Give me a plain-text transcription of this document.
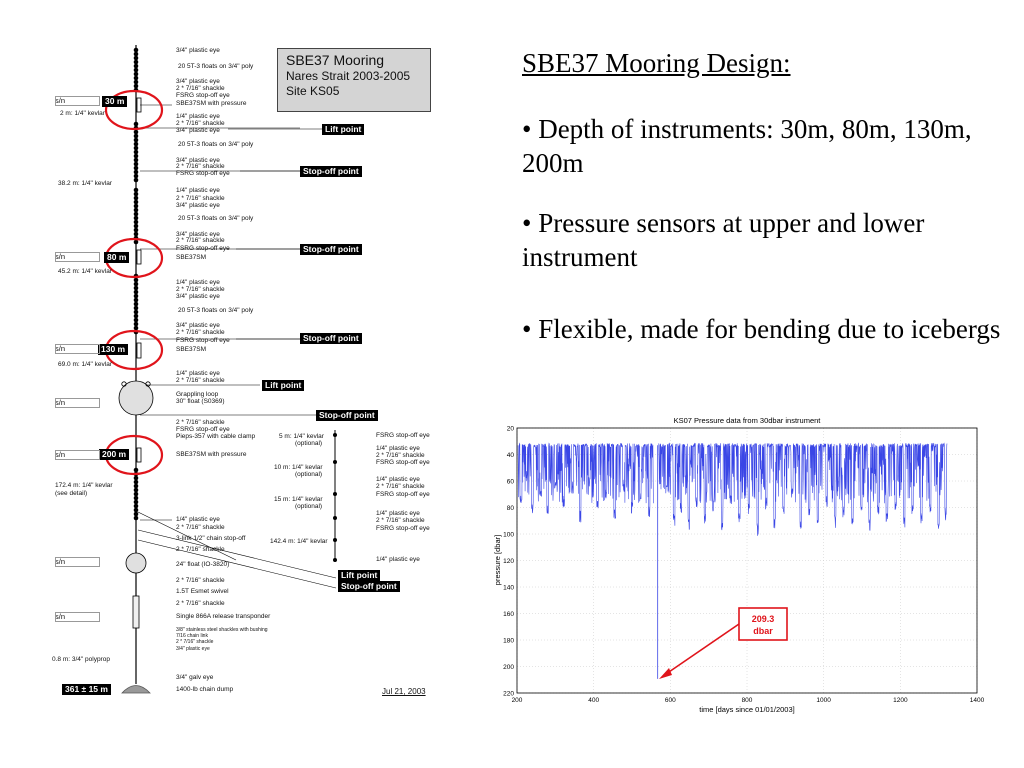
SBE37 Mooring
Nares Strait 2003-2005
Site KS05
30 m
80 m
130 m
200 m
361 ± 15 m
s/n
s/n
s/n
s/n
s/n
s/n
s/n
2 m: 1/4" kevlar
38.2 m: 1/4" kevlar
45.2 m: 1/4" kevlar
69.0 m: 1/4" kevlar
172.4 m: 1/4" kevlar
(see detail)
0.8 m: 3/4" polyprop
3/4" plastic eye
20 5T-3 floats on 3/4" poly
3/4" plastic eye
2 * 7/16" shackle
FSRG stop-off eye
SBE37SM with pressure
1/4" plastic eye
2 * 7/16" shackle
3/4" plastic eye
20 5T-3 floats on 3/4" poly
3/4" plastic eye
2 * 7/16" shackle
FSRG stop-off eye
1/4" plastic eye
2 * 7/16" shackle
3/4" plastic eye
20 5T-3 floats on 3/4" poly
3/4" plastic eye
2 * 7/16" shackle
FSRG stop-off eye
SBE37SM
1/4" plastic eye
2 * 7/16" shackle
3/4" plastic eye
20 5T-3 floats on 3/4" poly
3/4" plastic eye
2 * 7/16" shackle
FSRG stop-off eye
SBE37SM
1/4" plastic eye
2 * 7/16" shackle
Grappling loop
30" float (S0369)
2 * 7/16" shackle
FSRG stop-off eye
Pieps-357 with cable clamp
SBE37SM with pressure
1/4" plastic eye
2 * 7/16" shackle
3-link 1/2" chain stop-off
2 * 7/16" shackle
24" float (IO-3820)
2 * 7/16" shackle
1.5T Esmet swivel
2 * 7/16" shackle
Single 866A release transponder
3/8" stainless steel shackles with bushing
7/16 chain link
2 * 7/16" shackle
3/4" plastic eye
3/4" galv eye
1400-lb chain dump
Lift point
Stop-off point
Stop-off point
Stop-off point
Lift point
Stop-off point
Lift point
Stop-off point
5 m: 1/4" kevlar
(optional)
10 m: 1/4" kevlar
(optional)
15 m: 1/4" kevlar
(optional)
142.4 m: 1/4" kevlar
FSRG stop-off eye
1/4" plastic eye
2 * 7/16" shackle
FSRG stop-off eye
1/4" plastic eye
2 * 7/16" shackle
FSRG stop-off eye
1/4" plastic eye
2 * 7/16" shackle
FSRG stop-off eye
1/4" plastic eye
Jul 21, 2003
SBE37 Mooring Design:
• Depth of instruments: 30m, 80m, 130m, 200m
• Pressure sensors at upper and lower instrument
• Flexible, made for bending due to icebergs
200	400	600	800	1000	1200	1400
20
40
60
80
100
120
140
160
180
200
220
KS07 Pressure data from 30dbar instrument
time [days since 01/01/2003]
pressure [dbar]
209.3
dbar
